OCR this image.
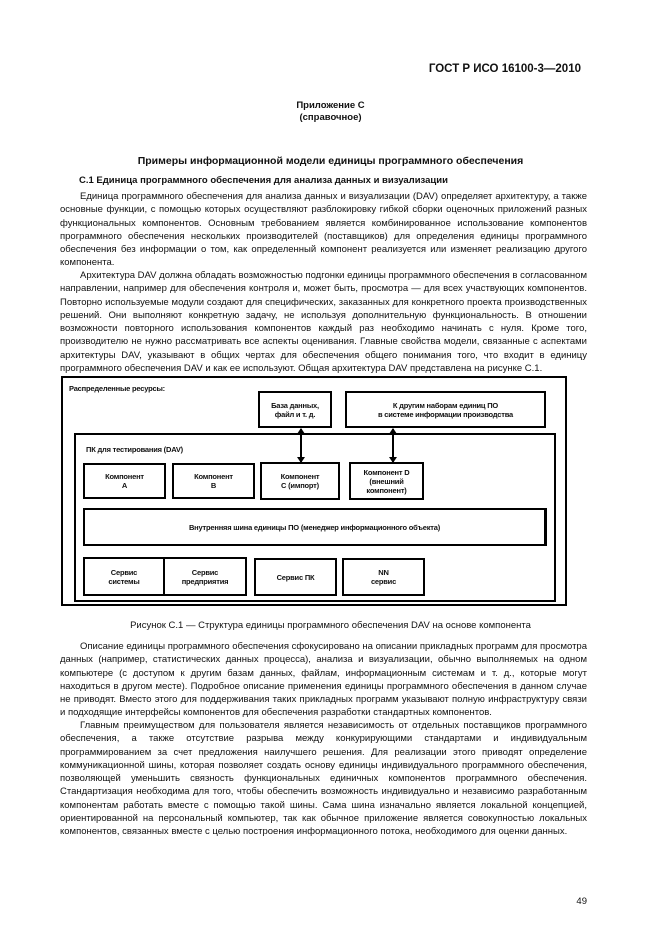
ГОСТ Р ИСО 16100-3—2010
Приложение С
(справочное)
Примеры информационной модели единицы программного обеспечения
С.1 Единица программного обеспечения для анализа данных и визуализации

Единица программного обеспечения для анализа данных и визуализации (DAV) определяет архитектуру, а также основные функции, с помощью которых осуществляют разблокировку гибкой сборки оценочных приложений разных функциональных компонентов. Основным требованием является комбинированное использование компонентов программного обеспечения нескольких производителей (поставщиков) для определения единицы программного обеспечения без информации о том, как определенный компонент реализуется или изменяет реализацию другого компонента.

Архитектура DAV должна обладать возможностью подгонки единицы программного обеспечения в согласованном направлении, например для обеспечения контроля и, может быть, просмотра — для всех участвующих компонентов. Повторно используемые модули создают для специфических, заказанных для конкретного проекта производственных решений. Они выполняют конкретную задачу, не используя дополнительную функциональность. В отношении возможности повторного использования компонентов каждый раз необходимо начинать с нуля. Кроме того, производителю не нужно рассматривать все аспекты оценивания. Главные свойства модели, связанные с аспектами архитектуры DAV, указывают в общих чертах для обеспечения общего понимания того, что входит в единицу программного обеспечения DAV и как ее используют. Общая архитектура DAV представлена на рисунке С.1.

Распределенные ресурсы:
База данных,
файл и т. д.
К другим наборам единиц ПО
в системе информации производства
ПК для тестирования (DAV)
Компонент
A
Компонент
B
Компонент
C (импорт)
Компонент D
(внешний
компонент)
Внутренняя шина единицы ПО (менеджер информационного объекта)
Сервис
системы
Сервис
предприятия	Сервис ПК	NN
сервис
Рисунок С.1 — Структура единицы программного обеспечения DAV на основе компонента

Описание единицы программного обеспечения сфокусировано на описании прикладных программ для просмотра данных (например, статистических данных процесса), анализа и визуализации, обычно выполняемых на одном компьютере (с доступом к другим базам данных, файлам, информационным системам и т. д., которые могут находиться в другом месте). Подробное описание применения единицы программного обеспечения в данном случае не приводят. Вместо этого для поддерживания таких прикладных программ указывают полную инфраструктуру связи и подходящие интерфейсы компонентов для обеспечения разработки стандартных компонентов.

Главным преимуществом для пользователя является независимость от отдельных поставщиков программного обеспечения, а также отсутствие разрыва между конкурирующими стандартами и индивидуальным программированием за счет предложения наилучшего решения. Для реализации этого приводят определение коммуникационной шины, которая позволяет создать основу единицы индивидуального программного обеспечения, позволяющей уменьшить связность функциональных единичных компонентов программного обеспечения. Стандартизация необходима для того, чтобы обеспечить возможность индивидуально и независимо разработанным компонентам работать вместе с помощью такой шины. Сама шина изначально является локальной концепцией, ориентированной на персональный компьютер, так как обычное приложение является совокупностью локальных компонентов, связанных вместе с целью построения информационного потока, необходимого для оценки данных.

49
